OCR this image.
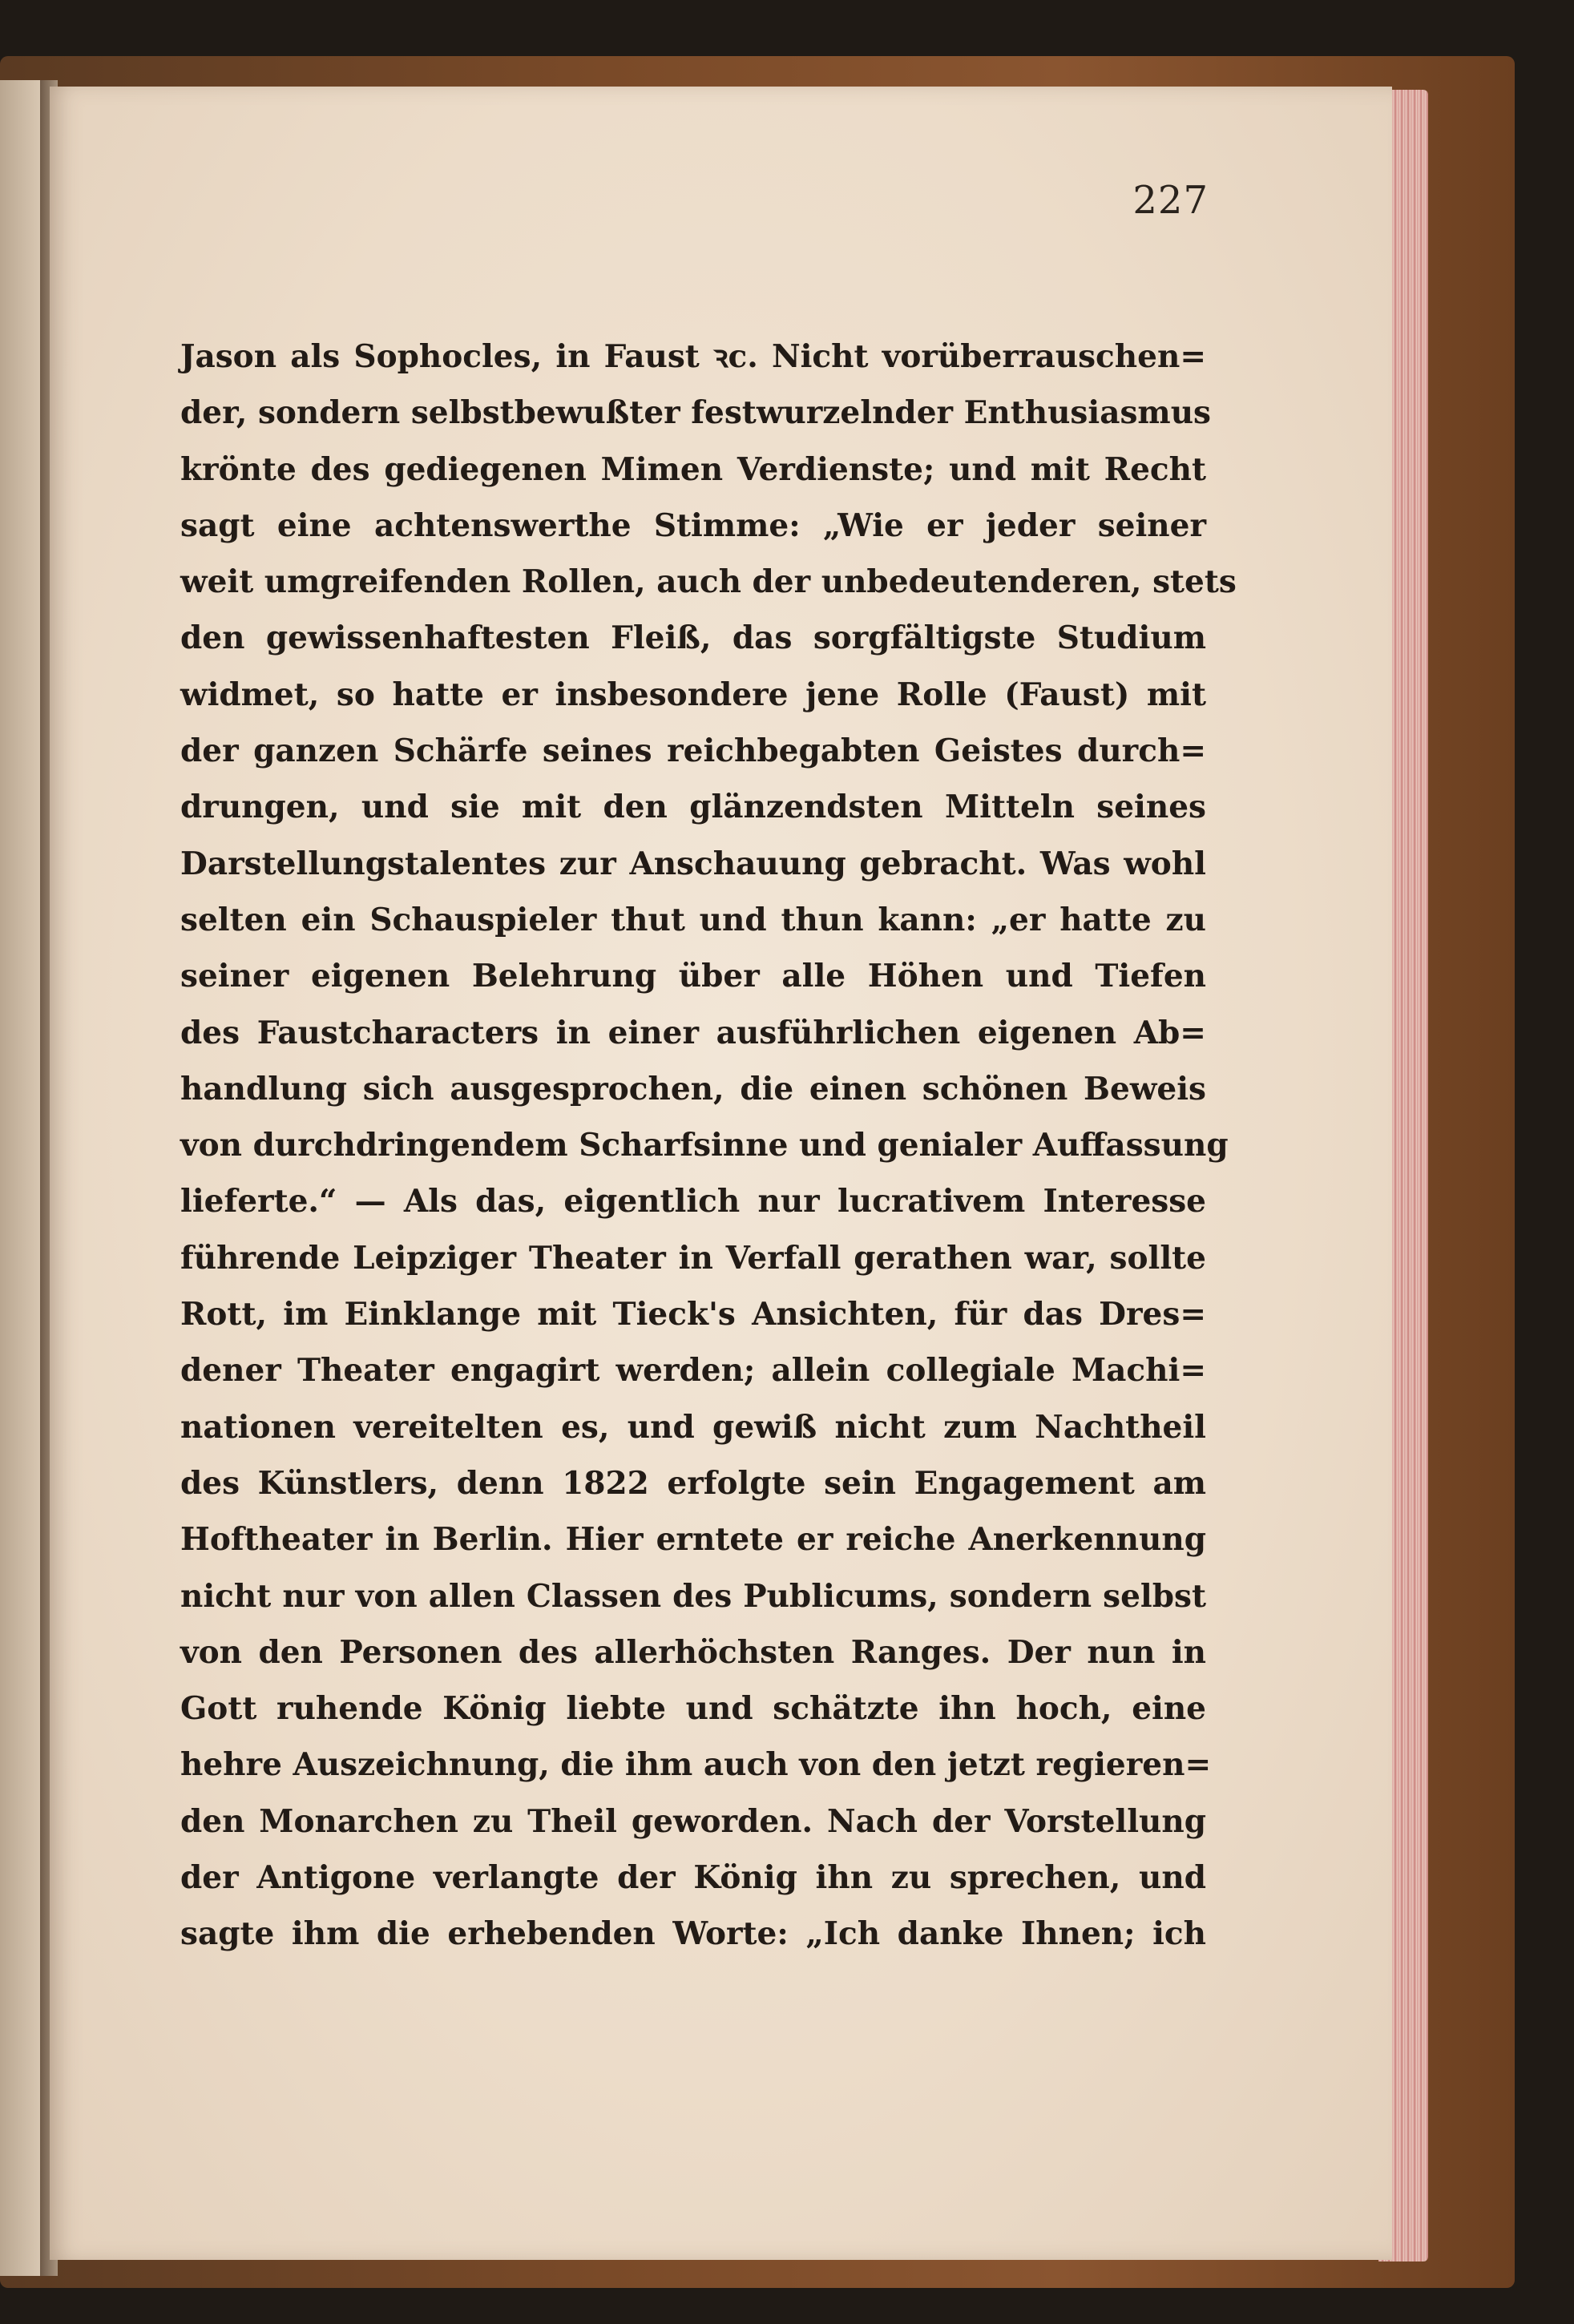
227
Jason als Sophocles, in Faust ꝛc. Nicht vorüberrauschen=
der, sondern selbstbewußter festwurzelnder Enthusiasmus
krönte des gediegenen Mimen Verdienste; und mit Recht
sagt eine achtenswerthe Stimme: „Wie er jeder seiner
weit umgreifenden Rollen, auch der unbedeutenderen, stets
den gewissenhaftesten Fleiß, das sorgfältigste Studium
widmet, so hatte er insbesondere jene Rolle (Faust) mit
der ganzen Schärfe seines reichbegabten Geistes durch=
drungen, und sie mit den glänzendsten Mitteln seines
Darstellungstalentes zur Anschauung gebracht. Was wohl
selten ein Schauspieler thut und thun kann: „er hatte zu
seiner eigenen Belehrung über alle Höhen und Tiefen
des Faustcharacters in einer ausführlichen eigenen Ab=
handlung sich ausgesprochen, die einen schönen Beweis
von durchdringendem Scharfsinne und genialer Auffassung
lieferte.“ — Als das, eigentlich nur lucrativem Interesse
führende Leipziger Theater in Verfall gerathen war, sollte
Rott, im Einklange mit Tieck's Ansichten, für das Dres=
dener Theater engagirt werden; allein collegiale Machi=
nationen vereitelten es, und gewiß nicht zum Nachtheil
des Künstlers, denn 1822 erfolgte sein Engagement am
Hoftheater in Berlin. Hier erntete er reiche Anerkennung
nicht nur von allen Classen des Publicums, sondern selbst
von den Personen des allerhöchsten Ranges. Der nun in
Gott ruhende König liebte und schätzte ihn hoch, eine
hehre Auszeichnung, die ihm auch von den jetzt regieren=
den Monarchen zu Theil geworden. Nach der Vorstellung
der Antigone verlangte der König ihn zu sprechen, und
sagte ihm die erhebenden Worte: „Ich danke Ihnen; ich
